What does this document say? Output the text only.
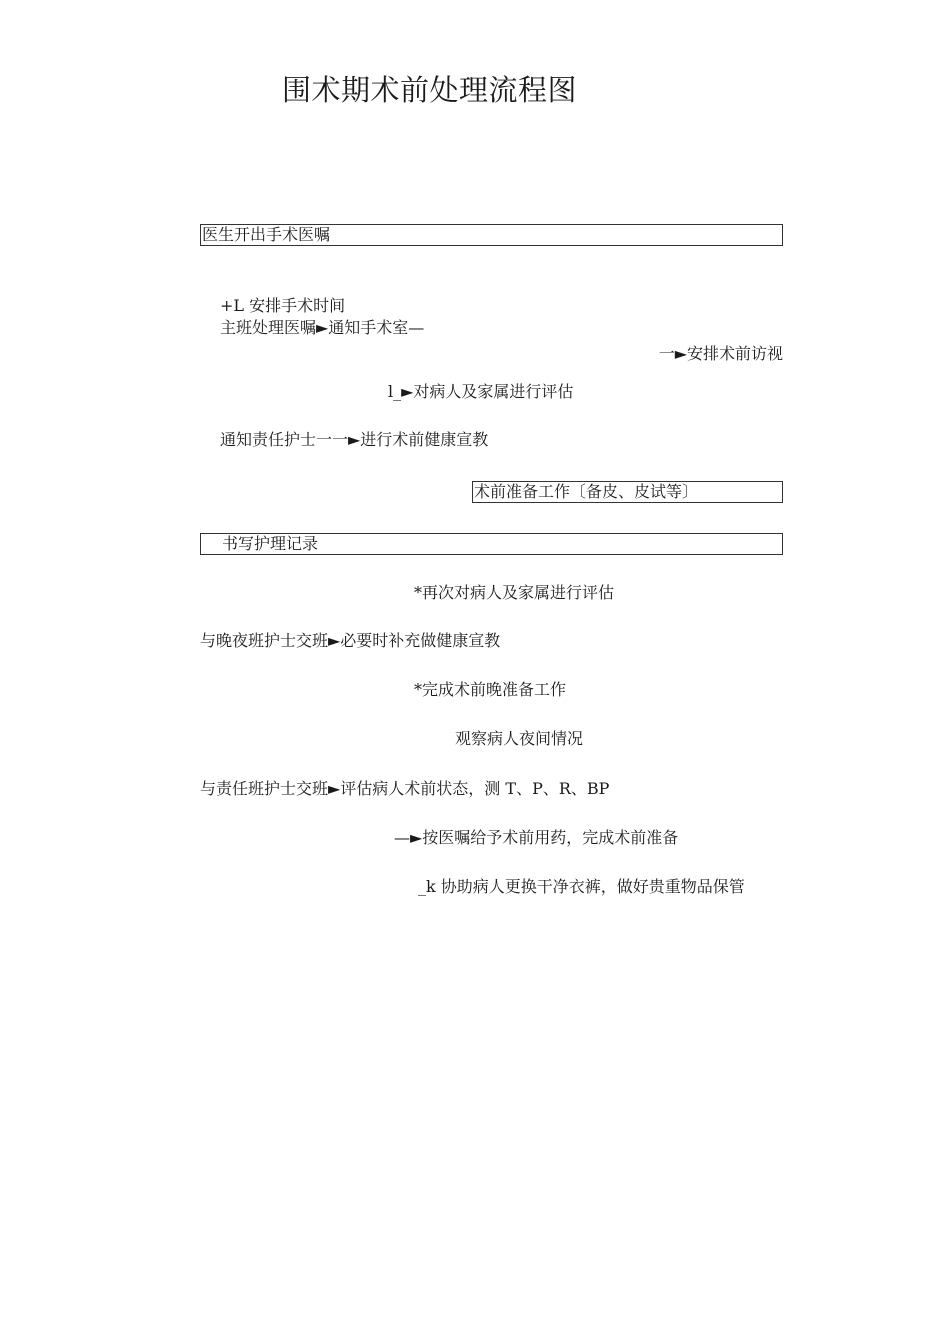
围术期术前处理流程图
医生开出手术医嘱
+L 安排手术时间
主班处理医嘱►通知手术室—
一►安排术前访视
l_►对病人及家属进行评估
通知责任护士一一►进行术前健康宣教
术前准备工作〔备皮、皮试等〕
书写护理记录
*再次对病人及家属进行评估
与晚夜班护士交班►必要时补充做健康宣教
*完成术前晚准备工作
观察病人夜间情况
与责任班护士交班►评估病人术前状态，测 T、P、R、BP
—►按医嘱给予术前用药，完成术前准备
_k 协助病人更换干净衣裤，做好贵重物品保管
